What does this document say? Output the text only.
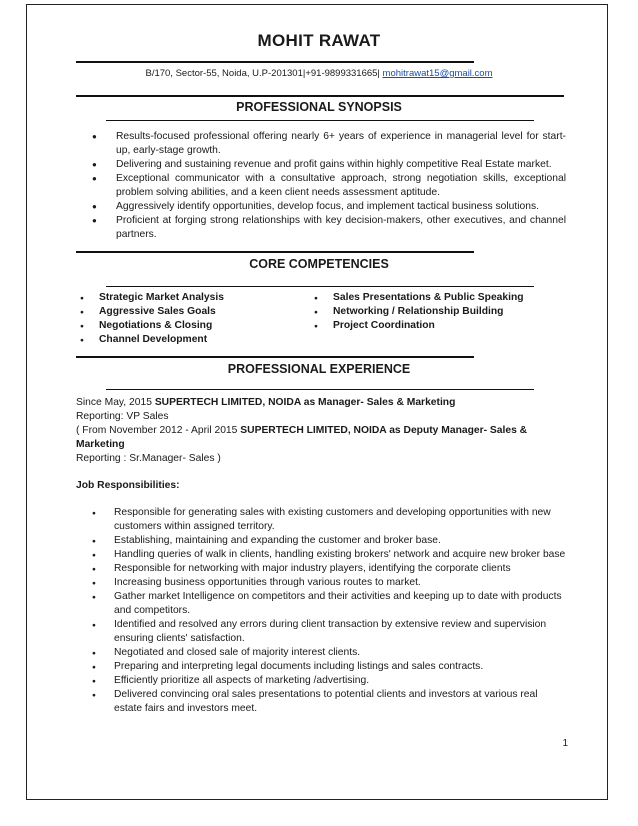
MOHIT RAWAT
B/170, Sector-55, Noida, U.P-201301|+91-9899331665| mohitrawat15@gmail.com
PROFESSIONAL SYNOPSIS
● Results-focused professional offering nearly 6+ years of experience in managerial level for start-up, early-stage growth.
● Delivering and sustaining revenue and profit gains within highly competitive Real Estate market.
● Exceptional communicator with a consultative approach, strong negotiation skills, exceptional problem solving abilities, and a keen client needs assessment aptitude.
● Aggressively identify opportunities, develop focus, and implement tactical business solutions.
● Proficient at forging strong relationships with key decision-makers, other executives, and channel partners.
CORE COMPETENCIES
● Strategic Market Analysis
● Aggressive Sales Goals
● Negotiations & Closing
● Channel Development
● Sales Presentations & Public Speaking
● Networking / Relationship Building
● Project Coordination
PROFESSIONAL EXPERIENCE
Since May, 2015 SUPERTECH LIMITED, NOIDA as Manager- Sales & Marketing
Reporting: VP Sales
( From November 2012 - April 2015 SUPERTECH LIMITED, NOIDA as Deputy Manager- Sales &
Marketing
Reporting : Sr.Manager- Sales )
Job Responsibilities:
● Responsible for generating sales with existing customers and developing opportunities with new customers within assigned territory.
● Establishing, maintaining and expanding the customer and broker base.
● Handling queries of walk in clients, handling existing brokers' network and acquire new broker base
● Responsible for networking with major industry players, identifying the corporate clients
● Increasing business opportunities through various routes to market.
● Gather market Intelligence on competitors and their activities and keeping up to date with products and competitors.
● Identified and resolved any errors during client transaction by extensive review and supervision ensuring clients' satisfaction.
● Negotiated and closed sale of majority interest clients.
● Preparing and interpreting legal documents including listings and sales contracts.
● Efficiently prioritize all aspects of marketing /advertising.
● Delivered convincing oral sales presentations to potential clients and investors at various real estate fairs and investors meet.
1
